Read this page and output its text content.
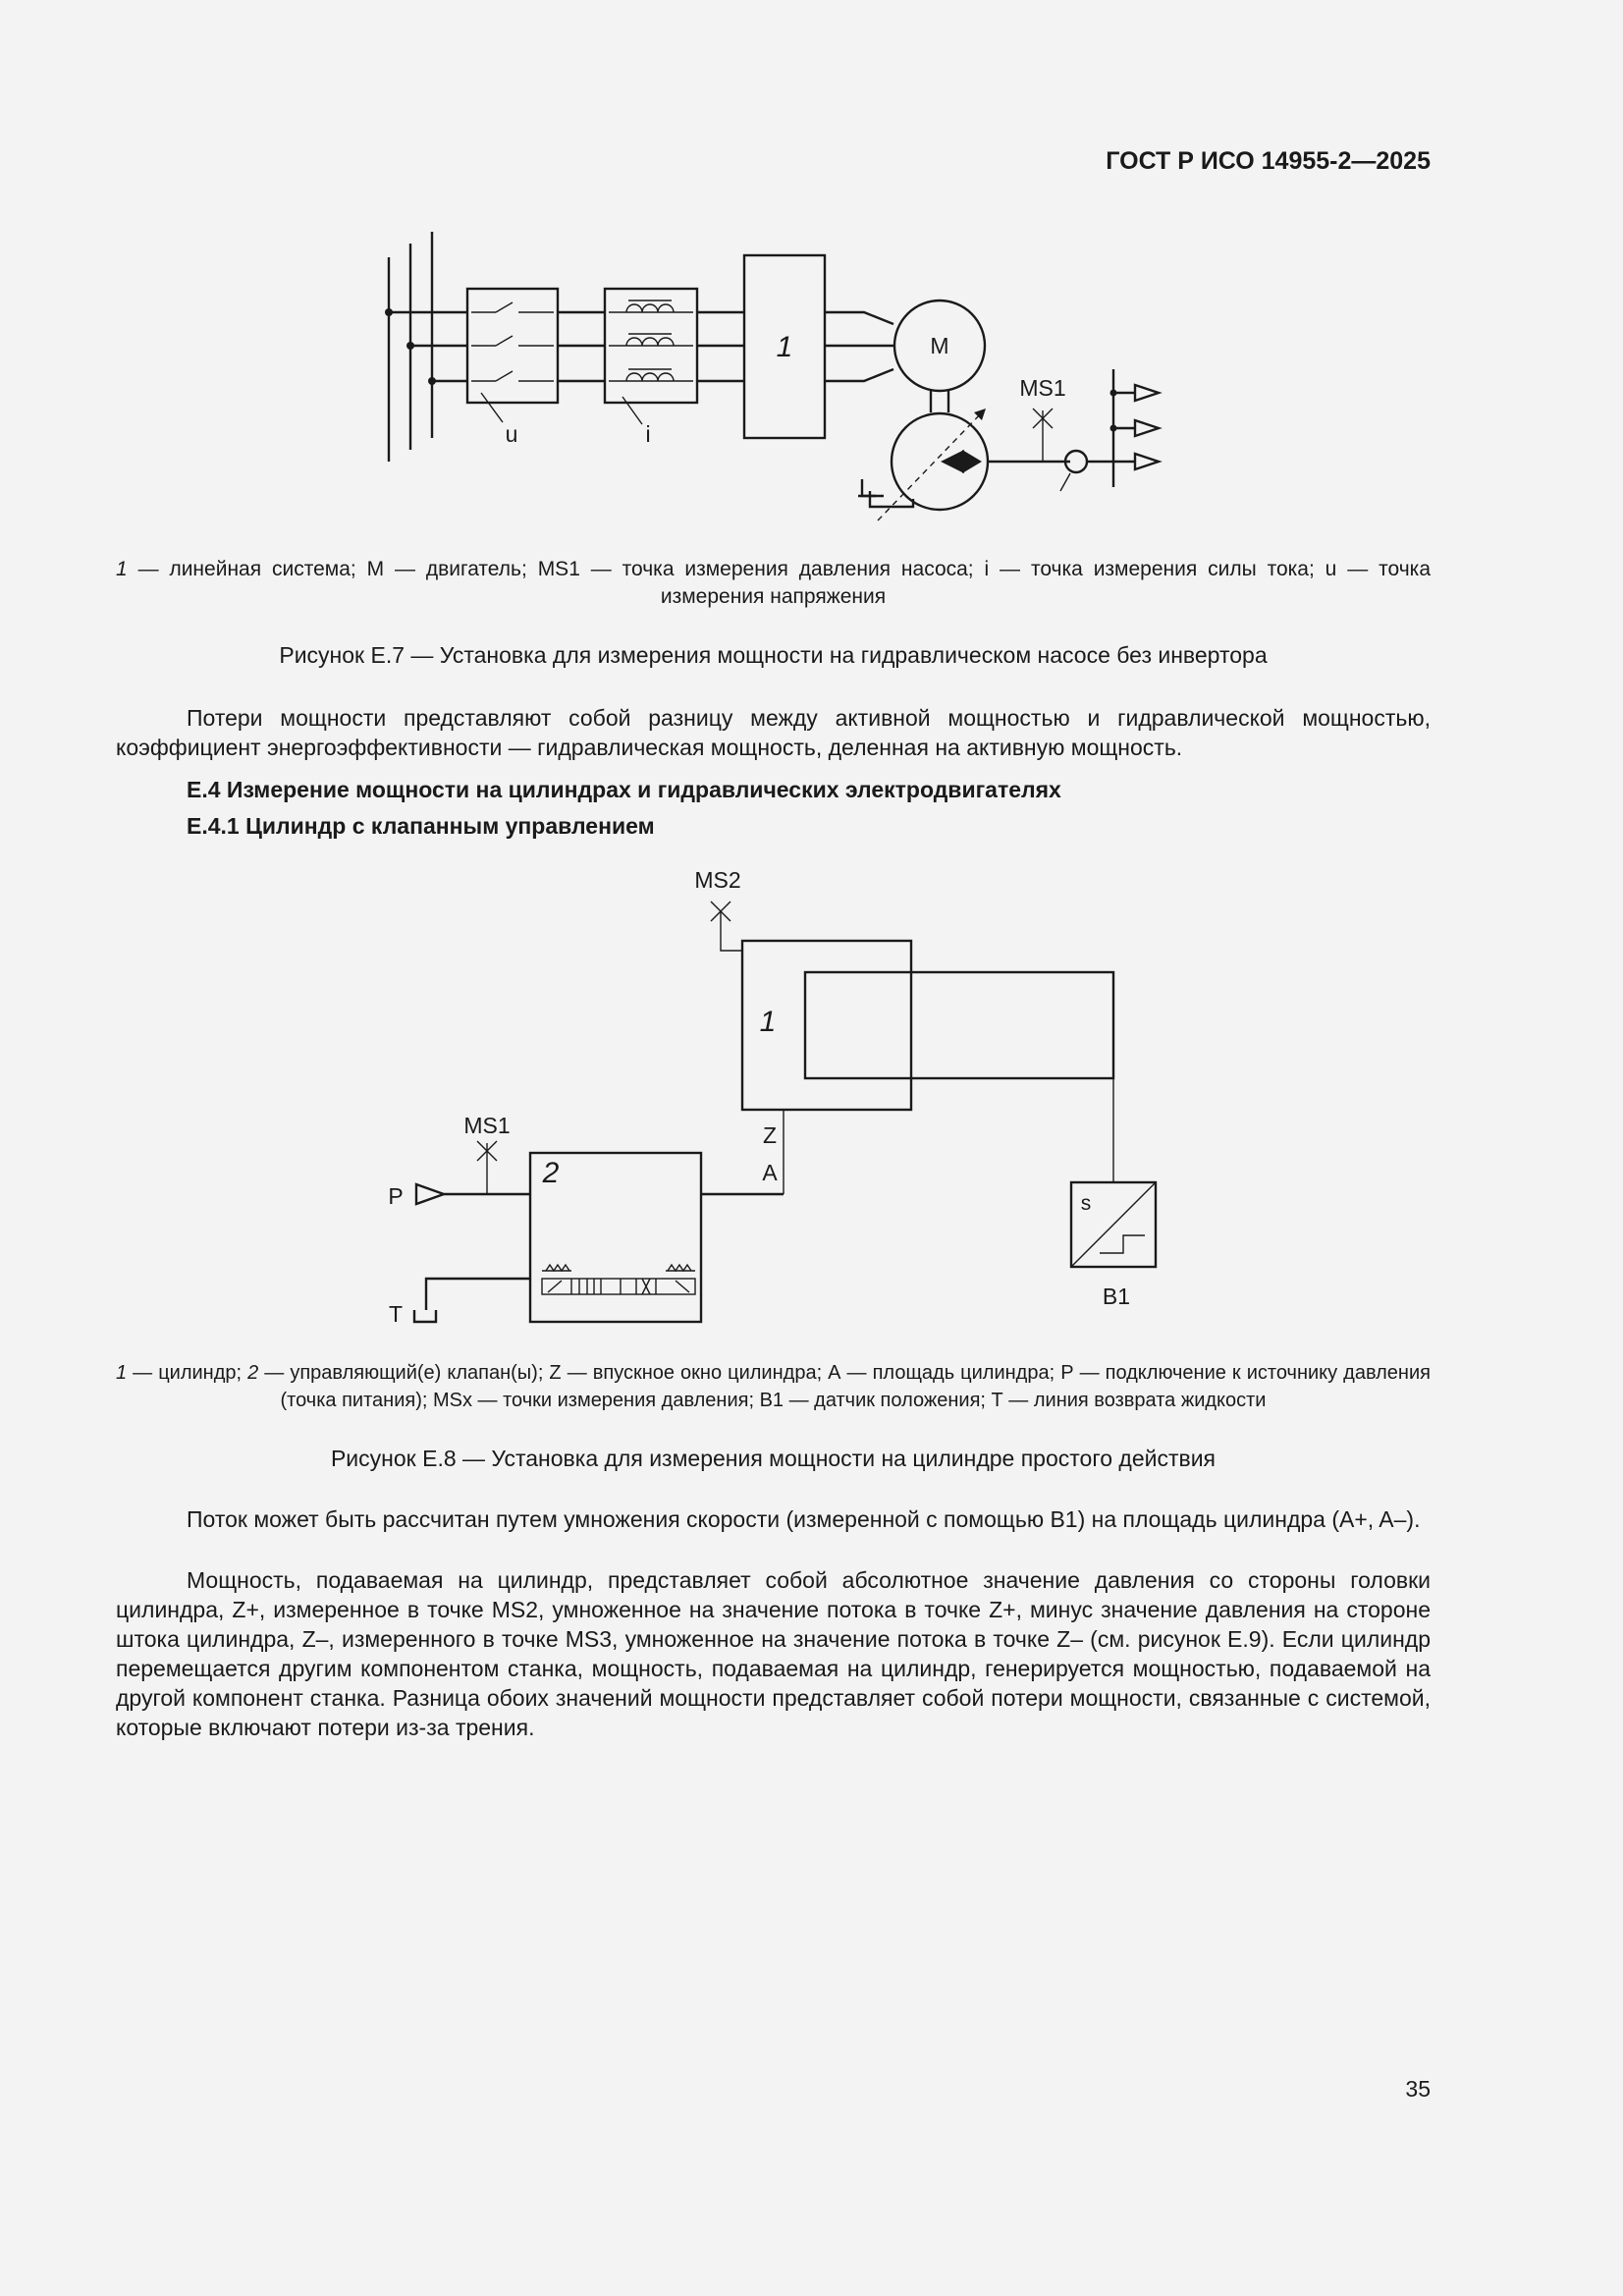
ГОСТ Р ИСО 14955-2—2025
1	M
MS1
u	i
1 — линейная система; М — двигатель; MS1 — точка измерения давления насоса; i — точка измерения силы тока; u — точка измерения напряжения
Рисунок Е.7 — Установка для измерения мощности на гидравлическом насосе без инвертора

Потери мощности представляют собой разницу между активной мощностью и гидравлической мощностью, коэффициент энергоэффективности — гидравлическая мощность, деленная на активную мощность.

Е.4 Измерение мощности на цилиндрах и гидравлических электродвигателях
Е.4.1 Цилиндр с клапанным управлением
MS2
MS1
1
2
Z
A
P
T
s
B1
1 — цилиндр; 2 — управляющий(е) клапан(ы); Z — впускное окно цилиндра; А — площадь цилиндра; Р — подключение к источнику давления (точка питания); MSx — точки измерения давления; В1 — датчик положения; Т — линия возврата жидкости
Рисунок Е.8 — Установка для измерения мощности на цилиндре простого действия

Поток может быть рассчитан путем умножения скорости (измеренной с помощью В1) на площадь цилиндра (A+, A–).

Мощность, подаваемая на цилиндр, представляет собой абсолютное значение давления со стороны головки цилиндра, Z+, измеренное в точке MS2, умноженное на значение потока в точке Z+, минус значение давления на стороне штока цилиндра, Z–, измеренного в точке MS3, умноженное на значение потока в точке Z– (см. рисунок Е.9). Если цилиндр перемещается другим компонентом станка, мощность, подаваемая на цилиндр, генерируется мощностью, подаваемой на другой компонент станка. Разница обоих значений мощности представляет собой потери мощности, связанные с системой, которые включают потери из-за трения.

35
